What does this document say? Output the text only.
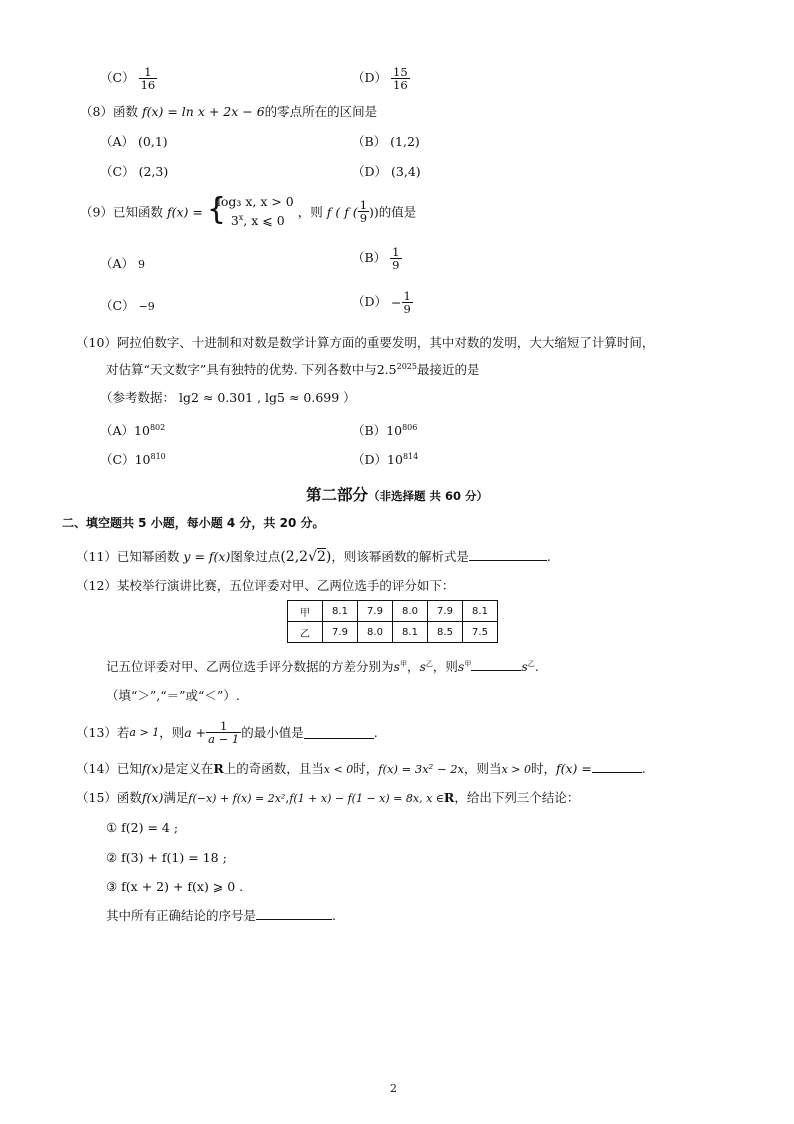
$(C) \frac{1}{16}$	$(D) \frac{15}{16}$
（8）函数 f(x) = ln x + 2x − 6的零点所在的区间是
（A） (0,1)	（B） (1,2)
（C） (2,3)	（D） (3,4)
（9）已知函数 f(x) = {
log₃ x, x > 0
3$^x$, x ⩽ 0
，则 f ( f ( $\frac{1}{9}$ ))的值是
（A） 9	$(B) \frac{1}{9}$
（C） −9	$(D) - \frac{1}{9}$
（10）阿拉伯数字、十进制和对数是数学计算方面的重要发明，其中对数的发明，大大缩短了计算时间，
对估算“天文数字”具有独特的优势. 下列各数中与$2.5^{2025}$最接近的是
（参考数据： lg2 ≈ 0.301 , lg5 ≈ 0.699 ）
$(A)10^{802}$	$(B)10^{806}$
$(C)10^{810}$	$(D)10^{814}$
第二部分（非选择题 共 60 分）
二、填空题共 5 小题，每小题 4 分，共 20 分。
（11）已知幂函数 y = f(x)图象过点(2,2√2)，则该幂函数的解析式是	.
（12）某校举行演讲比赛，五位评委对甲、乙两位选手的评分如下：
甲	8.1	7.9	8.0	7.9	8.1
乙	7.9	8.0	8.1	8.5	7.5
记五位评委对甲、乙两位选手评分数据的方差分别为$s^甲$，$s^乙$，则$s^甲$	$s^乙$.
（填“＞”,“＝”或“＜”）.
（13）若a > 1，则$a + \frac{1}{a - 1}$ 的最小值是	.
（14）已知f(x)是定义在R上的奇函数，且当x < 0时，f(x) = 3x² − 2x，则当x > 0时，f(x) =	.
（15）函数f(x)满足f(−x) + f(x) = 2x²,f(1 + x) − f(1 − x) = 8x, x ∈R，给出下列三个结论：
① f(2) = 4 ;
② f(3) + f(1) = 18 ;
③ f(x + 2) + f(x) ⩾ 0 .
其中所有正确结论的序号是	.
2
